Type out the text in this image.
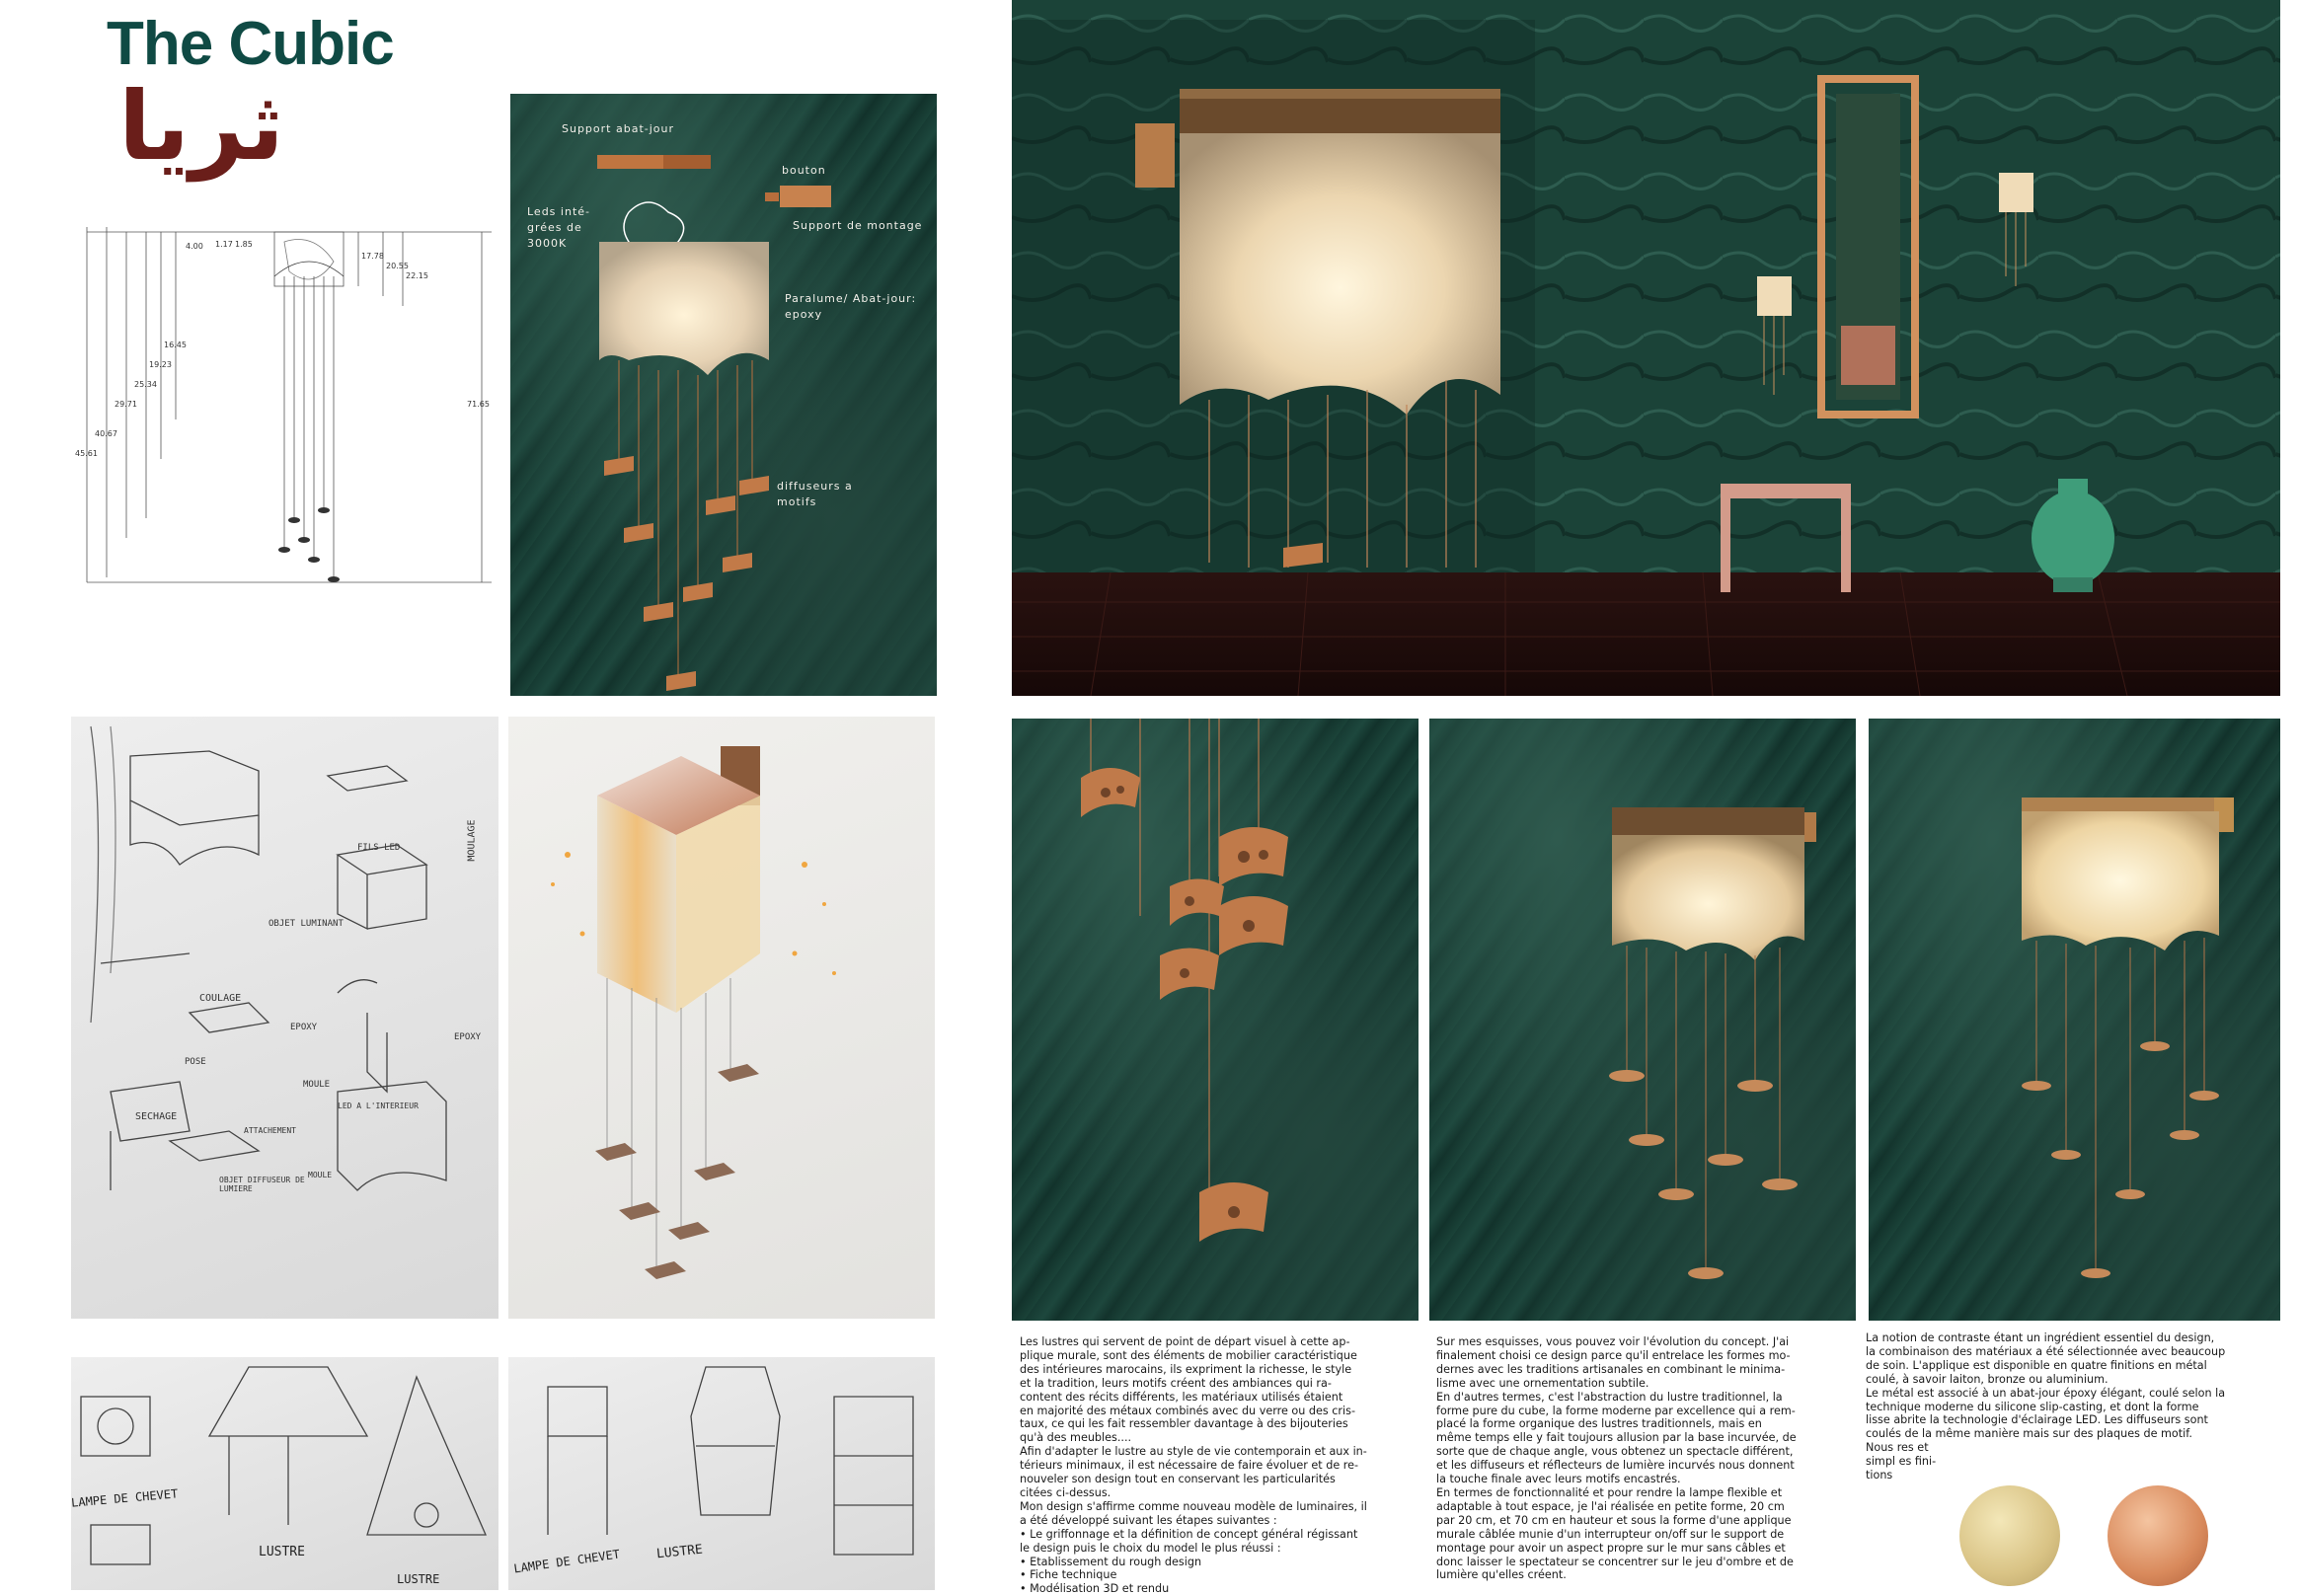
The Cubic
ثريا
4.00 1.17 1.85
17.78
20.55
22.15
71.65
45.61
40.67
29.71
25.34
19.23
16.45
Support abat-jour
bouton
Support de montage
Leds inté-
grées de
3000K
Paralume/ Abat-jour:
epoxy
diffuseurs a
motifs
MOULAGE
FILS LED
OBJET LUMINANT
COULAGE
EPOXY
EPOXY
POSE
MOULE
LED A L'INTERIEUR
SECHAGE
OBJET DIFFUSEUR DE LUMIERE
MOULE
ATTACHEMENT
LAMPE DE CHEVET
LUSTRE
LUSTRE
LAMPE DE CHEVET	LUSTRE
Les lustres qui servent de point de départ visuel à cette ap-
plique murale, sont des éléments de mobilier caractéristique
des intérieures marocains, ils expriment la richesse, le style
et la tradition, leurs motifs créent des ambiances qui ra-
content des récits différents, les matériaux utilisés étaient
en majorité des métaux combinés avec du verre ou des cris-
taux, ce qui les fait ressembler davantage à des bijouteries
qu'à des meubles....
Afin d'adapter le lustre au style de vie contemporain et aux in-
térieurs minimaux, il est nécessaire de faire évoluer et de re-
nouveler son design tout en conservant les particularités
citées ci-dessus.
Mon design s'affirme comme nouveau modèle de luminaires, il
a été développé suivant les étapes suivantes :
• Le griffonnage et la définition de concept général régissant
le design puis le choix du model le plus réussi :
• Etablissement du rough design
• Fiche technique
• Modélisation 3D et rendu
Sur mes esquisses, vous pouvez voir l'évolution du concept. J'ai
finalement choisi ce design parce qu'il entrelace les formes mo-
dernes avec les traditions artisanales en combinant le minima-
lisme avec une ornementation subtile.
En d'autres termes, c'est l'abstraction du lustre traditionnel, la
forme pure du cube, la forme moderne par excellence qui a rem-
placé la forme organique des lustres traditionnels, mais en
même temps elle y fait toujours allusion par la base incurvée, de
sorte que de chaque angle, vous obtenez un spectacle différent,
et les diffuseurs et réflecteurs de lumière incurvés nous donnent
la touche finale avec leurs motifs encastrés.
En termes de fonctionnalité et pour rendre la lampe flexible et
adaptable à tout espace, je l'ai réalisée en petite forme, 20 cm
par 20 cm, et 70 cm en hauteur et sous la forme d'une applique
murale câblée munie d'un interrupteur on/off sur le support de
montage pour avoir un aspect propre sur le mur sans câbles et
donc laisser le spectateur se concentrer sur le jeu d'ombre et de
lumière qu'elles créent.
La notion de contraste étant un ingrédient essentiel du design,
la combinaison des matériaux a été sélectionnée avec beaucoup
de soin. L'applique est disponible en quatre finitions en métal
coulé, à savoir laiton, bronze ou aluminium.
Le métal est associé à un abat-jour époxy élégant, coulé selon la
technique moderne du silicone slip-casting, et dont la forme
lisse abrite la technologie d'éclairage LED. Les diffuseurs sont
coulés de la même manière mais sur des plaques de motif.
Nous res et
simpl es fini-
tions
